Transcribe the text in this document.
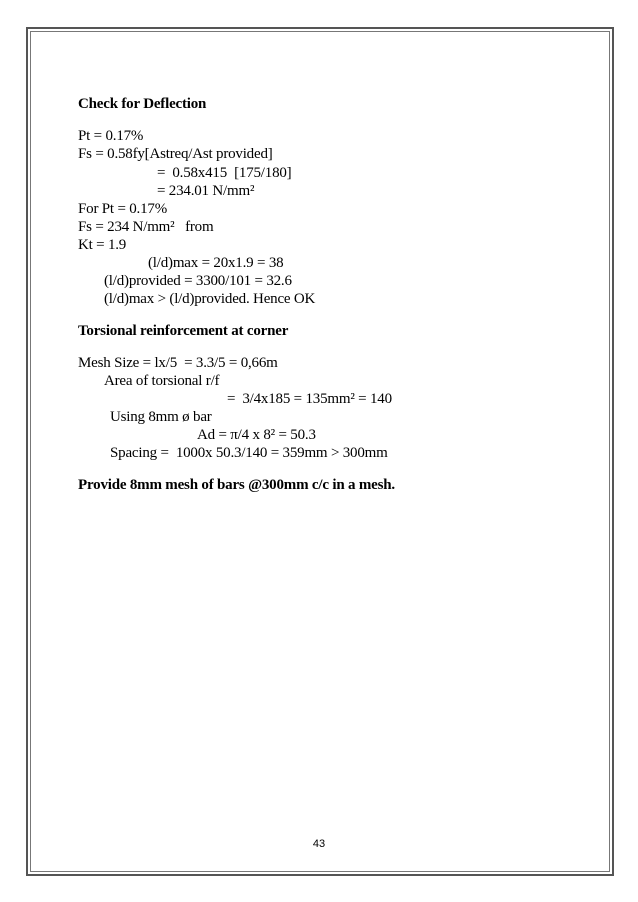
Check for Deflection
Pt = 0.17%
Fs = 0.58fy[Astreq/Ast provided]
=  0.58x415  [175/180]
= 234.01 N/mm²
For Pt = 0.17%
Fs = 234 N/mm²   from
Kt = 1.9
(l/d)max = 20x1.9 = 38
(l/d)provided = 3300/101 = 32.6
(l/d)max > (l/d)provided. Hence OK
Torsional reinforcement at corner
Mesh Size = lx/5  = 3.3/5 = 0,66m
Area of torsional r/f
=  3/4x185 = 135mm² = 140
Using 8mm ø bar
Ad = π/4 x 8² = 50.3
Spacing =  1000x 50.3/140 = 359mm > 300mm
Provide 8mm mesh of bars @300mm c/c in a mesh.
43
